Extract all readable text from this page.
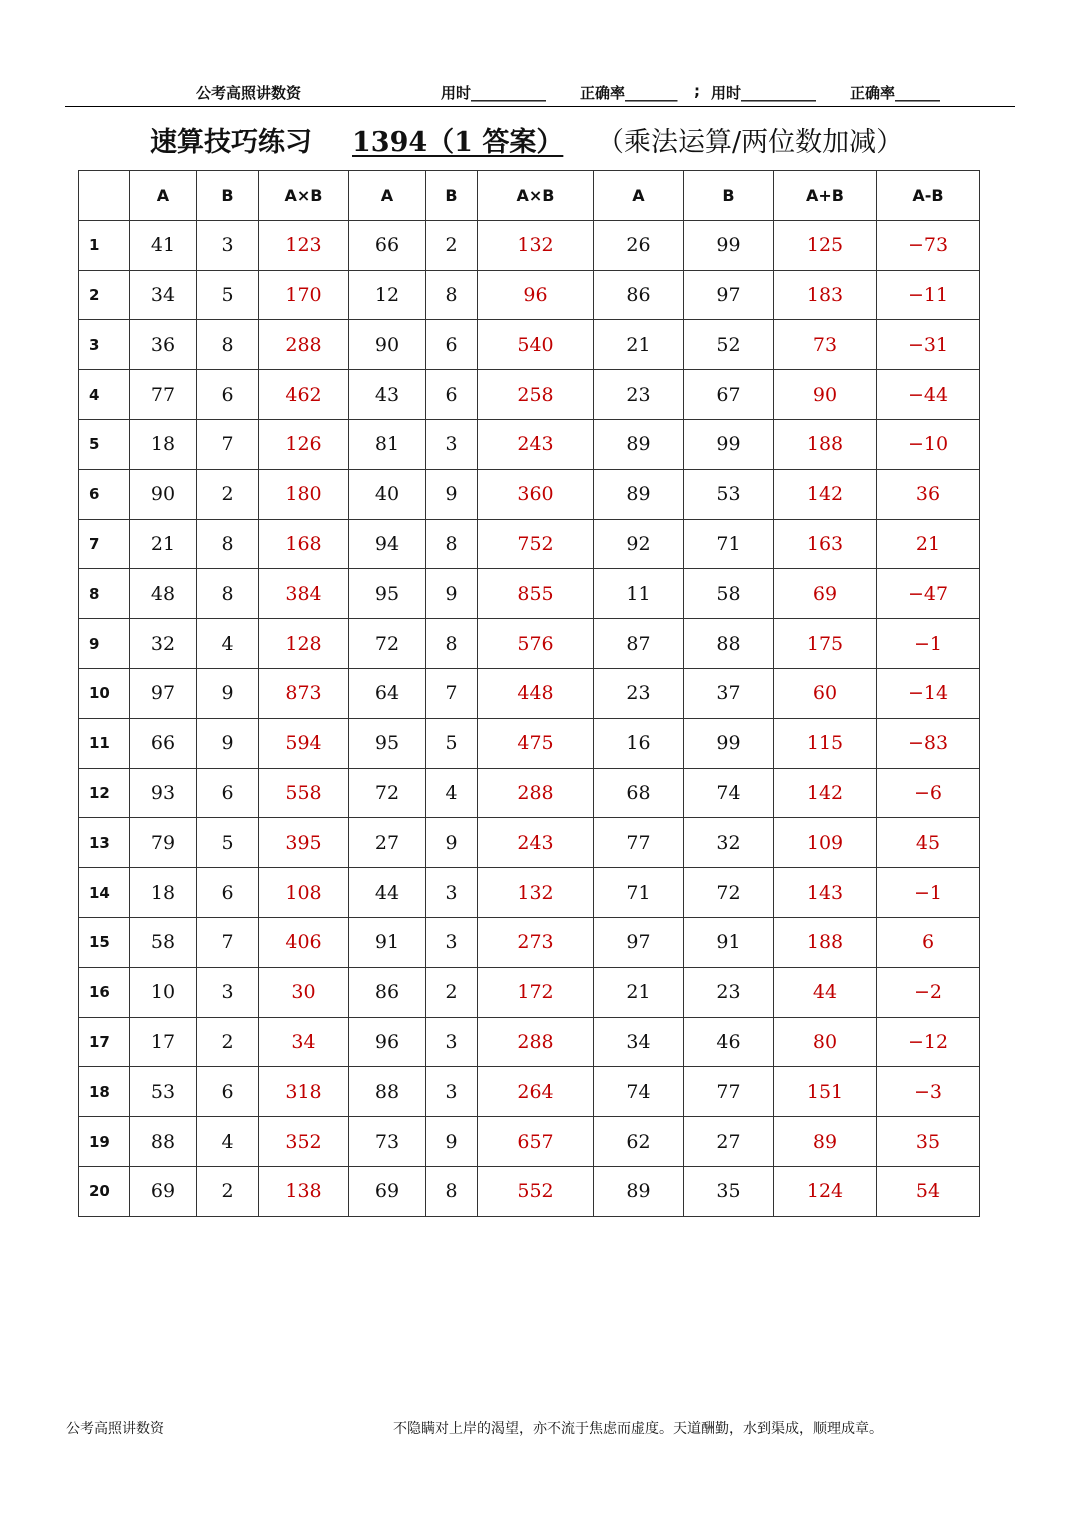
公考高照讲数资	用时__________ 正确率_______ ; 用时__________ 正确率______
速算技巧练习 1394（1 答案） （乘法运算/两位数加减）
	A	B	A×B	A	B	A×B	A	B	A+B	A-B
1	41	3	123	66	2	132	26	99	125	−73
2	34	5	170	12	8	96	86	97	183	−11
3	36	8	288	90	6	540	21	52	73	−31
4	77	6	462	43	6	258	23	67	90	−44
5	18	7	126	81	3	243	89	99	188	−10
6	90	2	180	40	9	360	89	53	142	36
7	21	8	168	94	8	752	92	71	163	21
8	48	8	384	95	9	855	11	58	69	−47
9	32	4	128	72	8	576	87	88	175	−1
10	97	9	873	64	7	448	23	37	60	−14
11	66	9	594	95	5	475	16	99	115	−83
12	93	6	558	72	4	288	68	74	142	−6
13	79	5	395	27	9	243	77	32	109	45
14	18	6	108	44	3	132	71	72	143	−1
15	58	7	406	91	3	273	97	91	188	6
16	10	3	30	86	2	172	21	23	44	−2
17	17	2	34	96	3	288	34	46	80	−12
18	53	6	318	88	3	264	74	77	151	−3
19	88	4	352	73	9	657	62	27	89	35
20	69	2	138	69	8	552	89	35	124	54
公考高照讲数资	不隐瞒对上岸的渴望，亦不流于焦虑而虚度。天道酬勤，水到渠成，顺理成章。
